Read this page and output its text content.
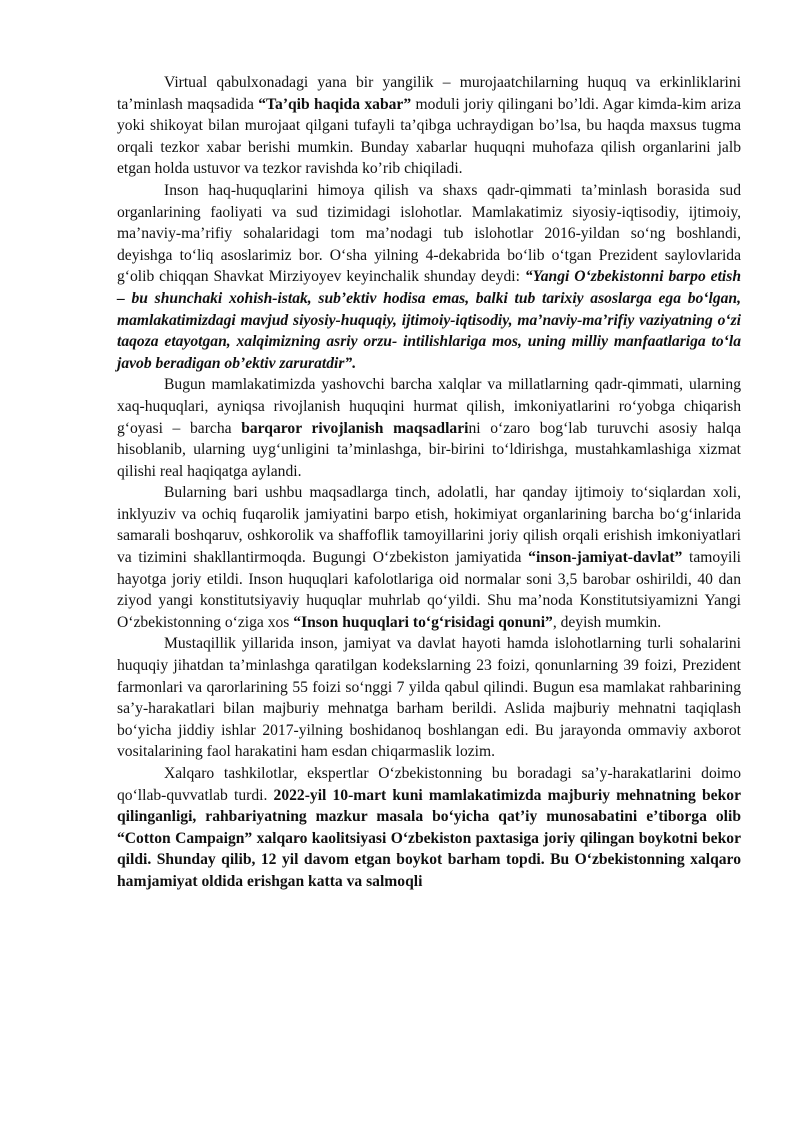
Virtual qabulxonadagi yana bir yangilik – murojaatchilarning huquq va erkinliklarini ta’minlash maqsadida “Ta’qib haqida xabar” moduli joriy qilingani bo’ldi. Agar kimda-kim ariza yoki shikoyat bilan murojaat qilgani tufayli ta’qibga uchraydigan bo’lsa, bu haqda maxsus tugma orqali tezkor xabar berishi mumkin. Bunday xabarlar huquqni muhofaza qilish organlarini jalb etgan holda ustuvor va tezkor ravishda ko’rib chiqiladi.

Inson haq-huquqlarini himoya qilish va shaxs qadr-qimmati ta’minlash borasida sud organlarining faoliyati va sud tizimidagi islohotlar. Mamlakatimiz siyosiy-iqtisodiy, ijtimoiy, ma’naviy-ma’rifiy sohalaridagi tom ma’nodagi tub islohotlar 2016-yildan so‘ng boshlandi, deyishga to‘liq asoslarimiz bor. O‘sha yilning 4-dekabrida bo‘lib o‘tgan Prezident saylovlarida g‘olib chiqqan Shavkat Mirziyoyev keyinchalik shunday deydi: “Yangi O‘zbekistonni barpo etish – bu shunchaki xohish-istak, sub’ektiv hodisa emas, balki tub tarixiy asoslarga ega bo‘lgan, mamlakatimizdagi mavjud siyosiy-huquqiy, ijtimoiy-iqtisodiy, ma’naviy-ma’rifiy vaziyatning o‘zi taqoza etayotgan, xalqimizning asriy orzu- intilishlariga mos, uning milliy manfaatlariga to‘la javob beradigan ob’ektiv zaruratdir”.

Bugun mamlakatimizda yashovchi barcha xalqlar va millatlarning qadr-qimmati, ularning xaq-huquqlari, ayniqsa rivojlanish huquqini hurmat qilish, imkoniyatlarini ro‘yobga chiqarish g‘oyasi – barcha barqaror rivojlanish maqsadlarini o‘zaro bog‘lab turuvchi asosiy halqa hisoblanib, ularning uyg‘unligini ta’minlashga, bir-birini to‘ldirishga, mustahkamlashiga xizmat qilishi real haqiqatga aylandi.

Bularning bari ushbu maqsadlarga tinch, adolatli, har qanday ijtimoiy to‘siqlardan xoli, inklyuziv va ochiq fuqarolik jamiyatini barpo etish, hokimiyat organlarining barcha bo‘g‘inlarida samarali boshqaruv, oshkorolik va shaffoflik tamoyillarini joriy qilish orqali erishish imkoniyatlari va tizimini shakllantirmoqda. Bugungi O‘zbekiston jamiyatida “inson-jamiyat-davlat” tamoyili hayotga joriy etildi. Inson huquqlari kafolotlariga oid normalar soni 3,5 barobar oshirildi, 40 dan ziyod yangi konstitutsiyaviy huquqlar muhrlab qo‘yildi. Shu ma’noda Konstitutsiyamizni Yangi O‘zbekistonning o‘ziga xos “Inson huquqlari to‘g‘risidagi qonuni”, deyish mumkin.

Mustaqillik yillarida inson, jamiyat va davlat hayoti hamda islohotlarning turli sohalarini huquqiy jihatdan ta’minlashga qaratilgan kodekslarning 23 foizi, qonunlarning 39 foizi, Prezident farmonlari va qarorlarining 55 foizi so‘nggi 7 yilda qabul qilindi. Bugun esa mamlakat rahbarining sa’y-harakatlari bilan majburiy mehnatga barham berildi. Aslida majburiy mehnatni taqiqlash bo‘yicha jiddiy ishlar 2017-yilning boshidanoq boshlangan edi. Bu jarayonda ommaviy axborot vositalarining faol harakatini ham esdan chiqarmaslik lozim.

Xalqaro tashkilotlar, ekspertlar O‘zbekistonning bu boradagi sa’y-harakatlarini doimo qo‘llab-quvvatlab turdi. 2022-yil 10-mart kuni mamlakatimizda majburiy mehnatning bekor qilinganligi, rahbariyatning mazkur masala bo‘yicha qat’iy munosabatini e’tiborga olib “Cotton Campaign” xalqaro kaolitsiyasi O‘zbekiston paxtasiga joriy qilingan boykotni bekor qildi. Shunday qilib, 12 yil davom etgan boykot barham topdi. Bu O‘zbekistonning xalqaro hamjamiyat oldida erishgan katta va salmoqli
